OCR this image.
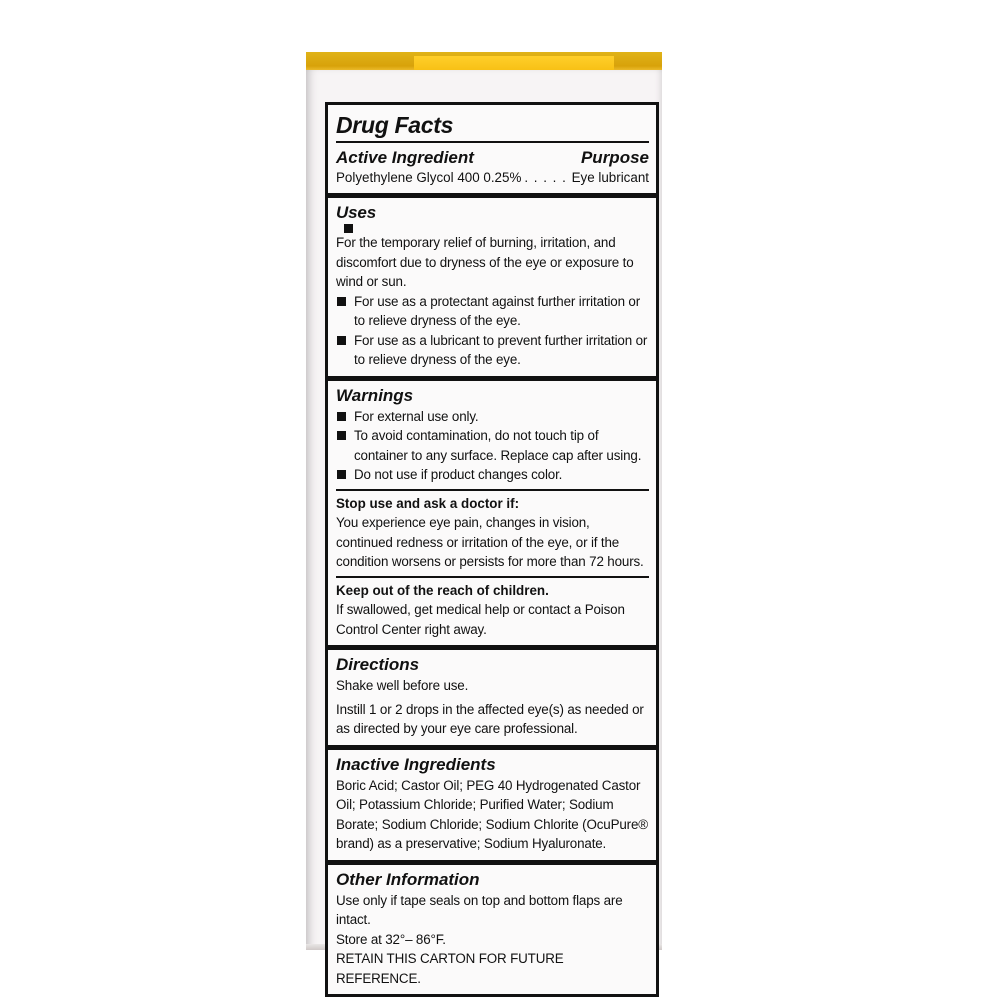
Drug Facts
Active Ingredient	Purpose
Polyethylene Glycol 400 0.25%
. . .	Eye lubricant
Uses
For the temporary relief of burning, irritation, and discomfort due to dryness of the eye or exposure to wind or sun.
For use as a protectant against further irritation or to relieve dryness of the eye.
For use as a lubricant to prevent further irritation or to relieve dryness of the eye.
Warnings
For external use only.
To avoid contamination, do not touch tip of container to any surface. Replace cap after using.
Do not use if product changes color.
Stop use and ask a doctor if:
You experience eye pain, changes in vision, continued redness or irritation of the eye, or if the condition worsens or persists for more than 72 hours.
Keep out of the reach of children.
If swallowed, get medical help or contact a Poison Control Center right away.
Directions
Shake well before use.
Instill 1 or 2 drops in the affected eye(s) as needed or as directed by your eye care professional.
Inactive Ingredients
Boric Acid; Castor Oil; PEG 40 Hydrogenated Castor Oil; Potassium Chloride; Purified Water; Sodium Borate; Sodium Chloride; Sodium Chlorite (OcuPure® brand) as a preservative; Sodium Hyaluronate.
Other Information
Use only if tape seals on top and bottom flaps are intact.
Store at 32°– 86°F.
RETAIN THIS CARTON FOR FUTURE REFERENCE.
